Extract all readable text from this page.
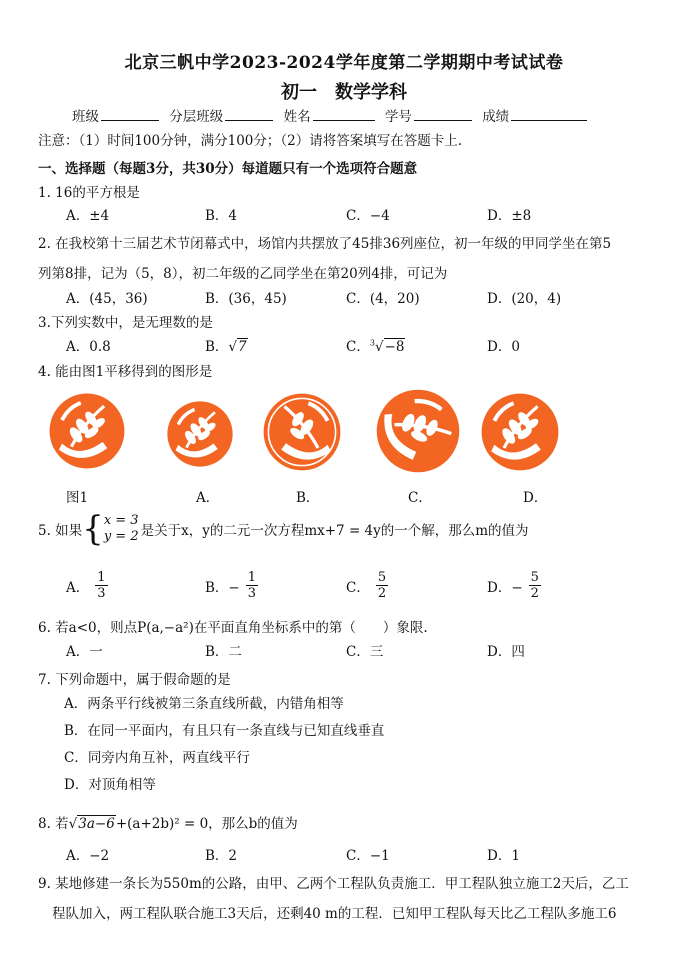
北京三帆中学2023-2024学年度第二学期期中考试试卷
初一　数学学科
班级	分层班级	姓名	学号	成绩
注意：（1）时间100分钟，满分100分；（2）请将答案填写在答题卡上.
一、选择题（每题3分，共30分）每道题只有一个选项符合题意
1. 16的平方根是
A．±4	B．4	C．−4	D．±8
2. 在我校第十三届艺术节闭幕式中，场馆内共摆放了45排36列座位，初一年级的甲同学坐在第5
列第8排，记为（5，8），初二年级的乙同学坐在第20列4排，可记为
A．(45，36)	B．(36，45)	C．(4，20)	D．(20，4)
3.下列实数中，是无理数的是
A．0.8	B．√7	C．$^3$√−8	D．0
4. 能由图1平移得到的图形是
图1	A．	B．	C．	D．
5. 如果 { x = 3
y = 2 是关于x，y的二元一次方程mx+7 = 4y的一个解，那么m的值为
A． $\frac{1}{3}$	B．− $\frac{1}{3}$	C． $\frac{5}{2}$	D．− $\frac{5}{2}$
6. 若a<0，则点P(a,−a²)在平面直角坐标系中的第（　　）象限.
A．一	B．二	C．三	D．四
7. 下列命题中，属于假命题的是
A．两条平行线被第三条直线所截，内错角相等
B．在同一平面内，有且只有一条直线与已知直线垂直
C．同旁内角互补，两直线平行
D．对顶角相等
8. 若√3a−6+(a+2b)² = 0，那么b的值为
A．−2	B．2	C．−1	D．1
9. 某地修建一条长为550m的公路，由甲、乙两个工程队负责施工．甲工程队独立施工2天后，乙工
程队加入，两工程队联合施工3天后，还剩40 m的工程．已知甲工程队每天比乙工程队多施工6
